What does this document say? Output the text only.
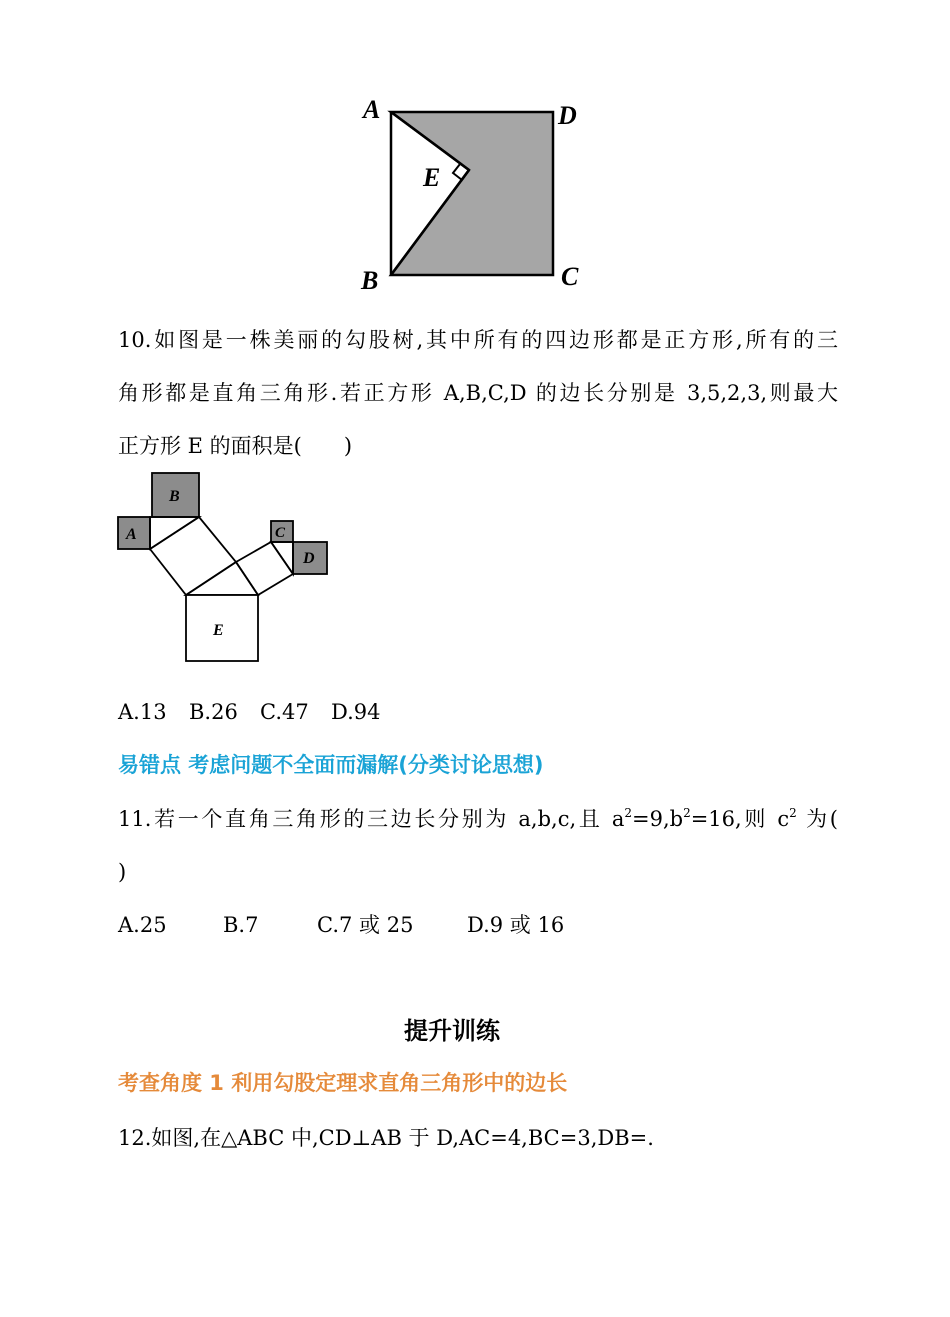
A	D
E
B	C
10.如图是一株美丽的勾股树,其中所有的四边形都是正方形,所有的三
角形都是直角三角形.若正方形 A,B,C,D 的边长分别是 3,5,2,3,则最大
正方形 E 的面积是(　　)
A
B
C
D
E
A.13 B.26 C.47 D.94
易错点 考虑问题不全面而漏解(分类讨论思想)
11.若一个直角三角形的三边长分别为 a,b,c,且 $a^2=9,b^2=16$,则 $c^2$ 为(
)
A.25	B.7	C.7 或 25	D.9 或 16
提升训练
考查角度 1 利用勾股定理求直角三角形中的边长
12.如图,在△ABC 中,CD⊥AB 于 D,AC=4,BC=3,DB=.
